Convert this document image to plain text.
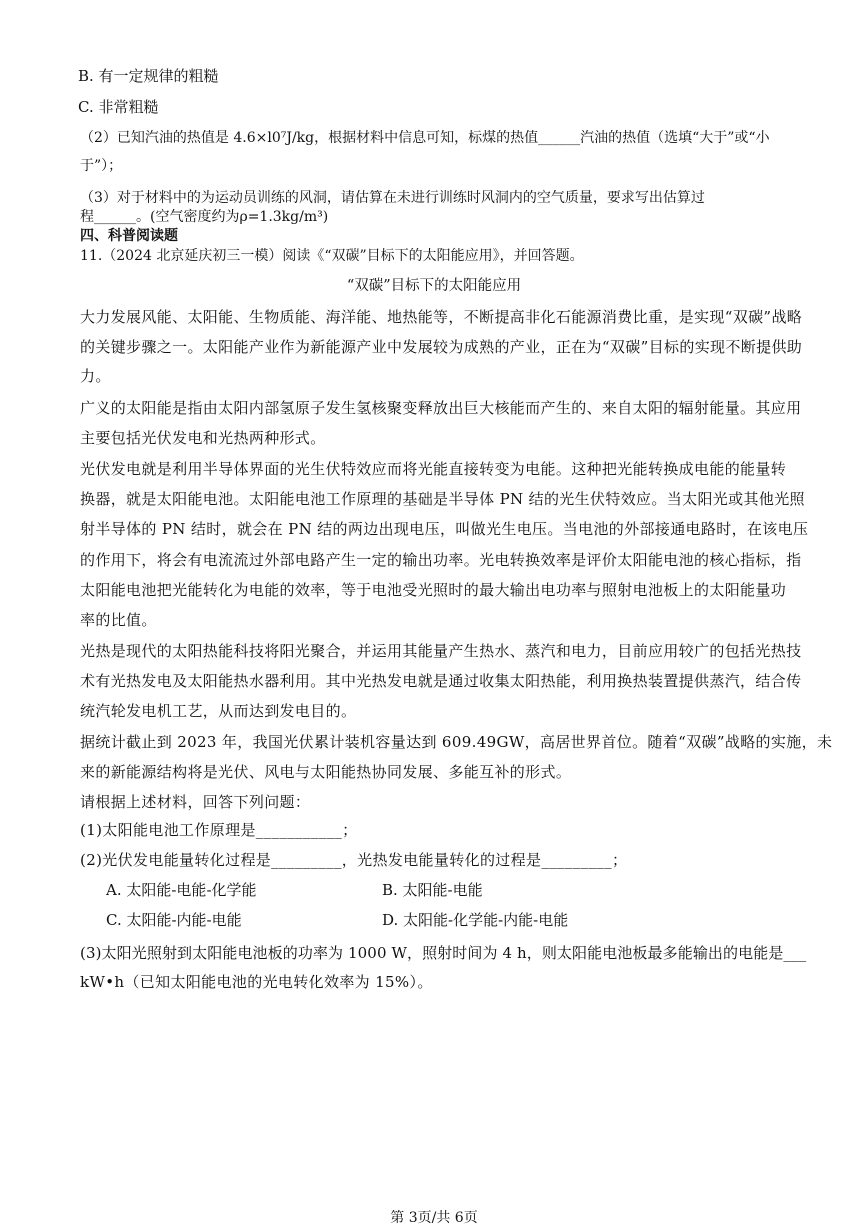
B. 有一定规律的粗糙
C. 非常粗糙
（2）已知汽油的热值是 4.6×l0⁷J/kg，根据材料中信息可知，标煤的热值______汽油的热值（选填“大于”或“小
于”）；
（3）对于材料中的为运动员训练的风洞，请估算在未进行训练时风洞内的空气质量，要求写出估算过
程______。(空气密度约为ρ=1.3kg/m³)
四、科普阅读题
11.（2024 北京延庆初三一模）阅读《“双碳”目标下的太阳能应用》，并回答题。
“双碳”目标下的太阳能应用
大力发展风能、太阳能、生物质能、海洋能、地热能等，不断提高非化石能源消费比重，是实现“双碳”战略
的关键步骤之一。太阳能产业作为新能源产业中发展较为成熟的产业，正在为“双碳”目标的实现不断提供助
力。
广义的太阳能是指由太阳内部氢原子发生氢核聚变释放出巨大核能而产生的、来自太阳的辐射能量。其应用
主要包括光伏发电和光热两种形式。
光伏发电就是利用半导体界面的光生伏特效应而将光能直接转变为电能。这种把光能转换成电能的能量转
换器，就是太阳能电池。太阳能电池工作原理的基础是半导体 PN 结的光生伏特效应。当太阳光或其他光照
射半导体的 PN 结时，就会在 PN 结的两边出现电压，叫做光生电压。当电池的外部接通电路时，在该电压
的作用下，将会有电流流过外部电路产生一定的输出功率。光电转换效率是评价太阳能电池的核心指标，指
太阳能电池把光能转化为电能的效率，等于电池受光照时的最大输出电功率与照射电池板上的太阳能量功
率的比值。
光热是现代的太阳热能科技将阳光聚合，并运用其能量产生热水、蒸汽和电力，目前应用较广的包括光热技
术有光热发电及太阳能热水器利用。其中光热发电就是通过收集太阳热能，利用换热装置提供蒸汽，结合传
统汽轮发电机工艺，从而达到发电目的。
据统计截止到 2023 年，我国光伏累计装机容量达到 609.49GW，高居世界首位。随着“双碳”战略的实施，未
来的新能源结构将是光伏、风电与太阳能热协同发展、多能互补的形式。
请根据上述材料，回答下列问题：
(1)太阳能电池工作原理是___________；
(2)光伏发电能量转化过程是_________，光热发电能量转化的过程是_________；
A. 太阳能-电能-化学能	B. 太阳能-电能
C. 太阳能-内能-电能	D. 太阳能-化学能-内能-电能
(3)太阳光照射到太阳能电池板的功率为 1000 W，照射时间为 4 h，则太阳能电池板最多能输出的电能是___
kW•h（已知太阳能电池的光电转化效率为 15%）。
第 3页/共 6页
